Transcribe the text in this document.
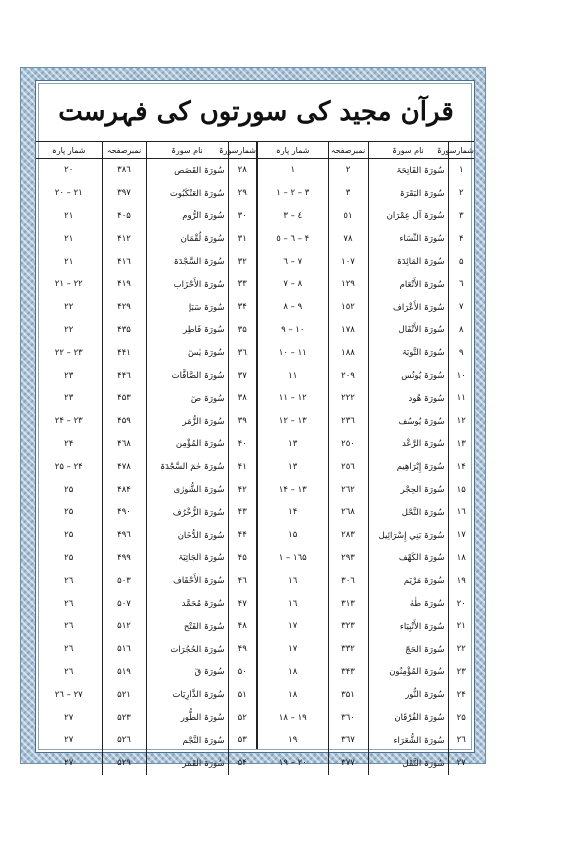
قرآن مجید کی سورتوں کی فہرست
شمارسورۃ	نام سورۃ	نمبرصفحہ	شمار پارہ
١	سُورَۃ الفَاتِحَۃ	٢	١
٢	سُورَۃ البَقَرَۃ	٣	٣ – ٢ – ١
٣	سُورَۃ آل عِمْرَان	٥١	٤ – ٣
۴	سُورَۃ النِّسَاء	٧٨	٦ – ٥ – ۴
۵	سُورَۃ المَائِدَۃ	١٠٧	٧ – ٦
٦	سُورَۃ الأَنْعَام	١٢٩	٨ – ٧
٧	سُورَۃ الأَعْرَاف	١٥٢	٩ – ٨
٨	سُورَۃ الأَنْفَال	١٧٨	١٠ – ٩
٩	سُورَۃ التَّوبَۃ	١٨٨	١١ – ١٠
١٠	سُورَۃ يُونُس	٢٠٩	١١
١١	سُورَۃ هُود	٢٢٢	١٢ – ١١
١٢	سُورَۃ يُوسُف	٢٣٦	١٣ – ١٢
١٣	سُورَۃ الرَّعْد	٢٥٠	١٣
١۴	سُورَۃ إِبْرَاهِيم	٢٥٦	١٣
١۵	سُورَۃ الحِجْر	٢٦٢	١۴ – ١٣
١٦	سُورَۃ النَّحْل	٢٦٨	١۴
١٧	سُورَۃ بَنِي إِسْرَائِيل	٢٨٣	١۵
١٨	سُورَۃ الكَهْف	٢٩٣	١٦ – ١۵
١٩	سُورَۃ مَرْيَم	٣٠٦	١٦
٢٠	سُورَۃ طٰهٰ	٣١٣	١٦
٢١	سُورَۃ الأَنْبِيَاء	٣٢٣	١٧
٢٢	سُورَۃ الحَجّ	٣٣٢	١٧
٢٣	سُورَۃ المُؤْمِنُون	٣۴٣	١٨
٢۴	سُورَۃ النُّور	٣۵١	١٨
٢۵	سُورَۃ الفُرْقَان	٣٦٠	١٩ – ١٨
٢٦	سُورَۃ الشُّعَرَاء	٣٦٧	١٩
٢٧	سُورَۃ النَّمْل	٣٧٧	٢٠ – ١٩
شمارسورۃ	نام سورۃ	نمبرصفحہ	شمار پارہ
٢٨	سُورَۃ القَصَص	٣٨٦	٢٠
٢٩	سُورَۃ العَنْكَبُوت	٣٩٧	٢١ – ٢٠
٣٠	سُورَۃ الرُّوم	۴٠۵	٢١
٣١	سُورَۃ لُقْمَان	۴١٢	٢١
٣٢	سُورَۃ السَّجْدَۃ	۴١٦	٢١
٣٣	سُورَۃ الأَحْزَاب	۴١٩	٢٢ – ٢١
٣۴	سُورَۃ سَبَإ	۴٢٩	٢٢
٣۵	سُورَۃ فَاطِر	۴٣۵	٢٢
٣٦	سُورَۃ يٰسٓ	۴۴١	٢٣ – ٢٢
٣٧	سُورَۃ الصَّافَّات	۴۴٦	٢٣
٣٨	سُورَۃ صٓ	۴۵٣	٢٣
٣٩	سُورَۃ الزُّمَر	۴۵٩	٢۴ – ٢٣
۴٠	سُورَۃ المُؤْمِن	۴٦٨	٢۴
۴١	سُورَۃ حٰمٓ السَّجْدَۃ	۴٧٨	٢۵ – ٢۴
۴٢	سُورَۃ الشُّورٰى	۴٨۴	٢۵
۴٣	سُورَۃ الزُّخْرُف	۴٩٠	٢۵
۴۴	سُورَۃ الدُّخَان	۴٩٦	٢۵
۴۵	سُورَۃ الجَاثِيَۃ	۴٩٩	٢۵
۴٦	سُورَۃ الأَحْقَاف	۵٠٣	٢٦
۴٧	سُورَۃ مُحَمَّد	۵٠٧	٢٦
۴٨	سُورَۃ الفَتْح	۵١٢	٢٦
۴٩	سُورَۃ الحُجُرَات	۵١٦	٢٦
۵٠	سُورَۃ قٓ	۵١٩	٢٦
۵١	سُورَۃ الذَّارِيَات	۵٢١	٢٧ – ٢٦
۵٢	سُورَۃ الطُّور	۵٢٣	٢٧
۵٣	سُورَۃ النَّجْم	۵٢٦	٢٧
۵۴	سُورَۃ القَمَر	۵٢٩	٢٧
